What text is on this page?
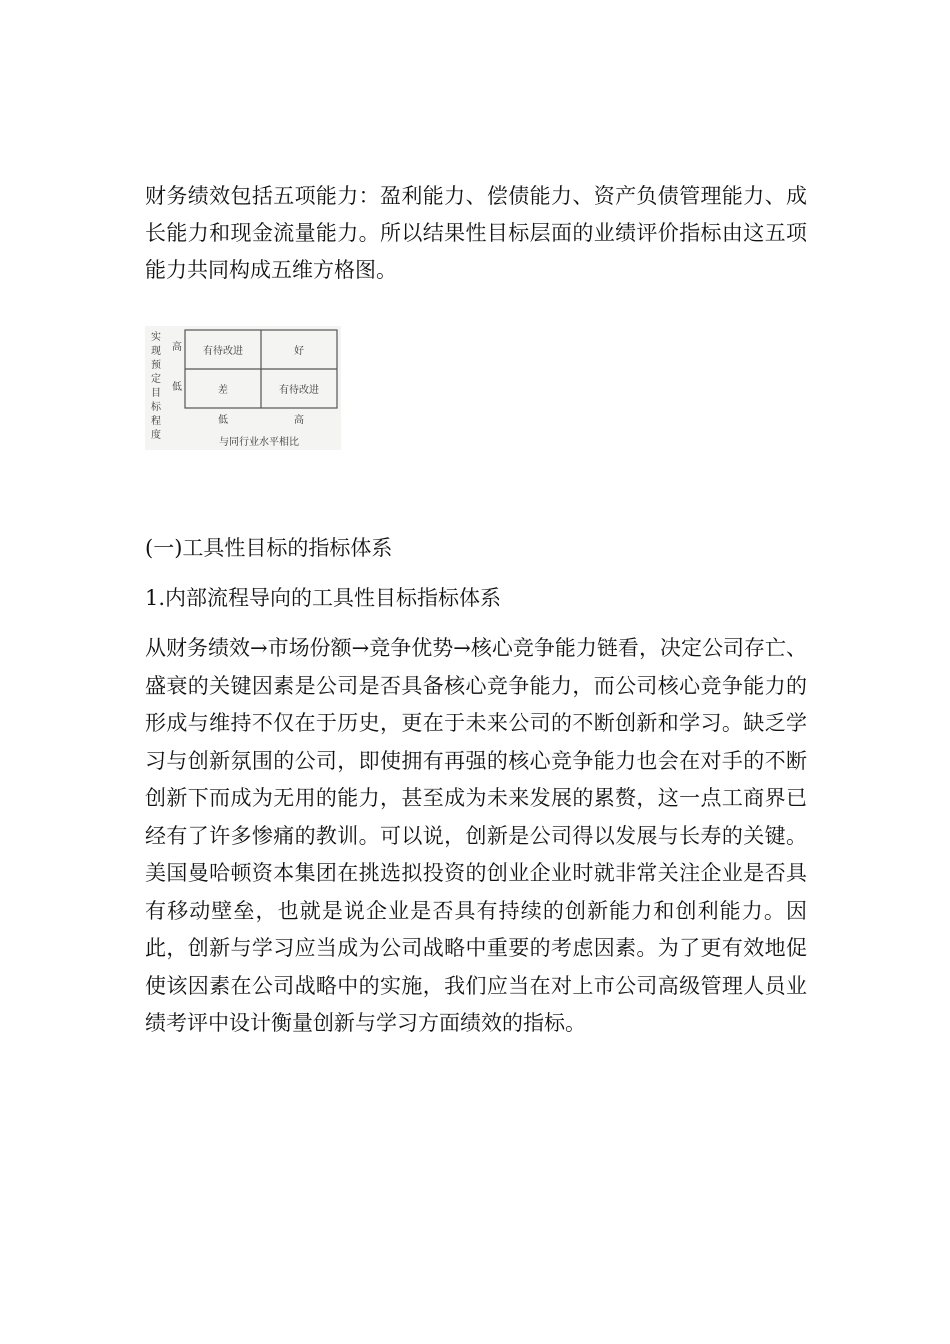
财务绩效包括五项能力：盈利能力、偿债能力、资产负债管理能力、成长能力和现金流量能力。所以结果性目标层面的业绩评价指标由这五项能力共同构成五维方格图。

实
现
预
定
目
标
程
度
高
低
有待改进	好
差	有待改进
低	高
与同行业水平相比

(一)工具性目标的指标体系

1.内部流程导向的工具性目标指标体系

从财务绩效→市场份额→竞争优势→核心竞争能力链看，决定公司存亡、盛衰的关键因素是公司是否具备核心竞争能力，而公司核心竞争能力的形成与维持不仅在于历史，更在于未来公司的不断创新和学习。缺乏学习与创新氛围的公司，即使拥有再强的核心竞争能力也会在对手的不断创新下而成为无用的能力，甚至成为未来发展的累赘，这一点工商界已经有了许多惨痛的教训。可以说，创新是公司得以发展与长寿的关键。美国曼哈顿资本集团在挑选拟投资的创业企业时就非常关注企业是否具有移动壁垒，也就是说企业是否具有持续的创新能力和创利能力。因此，创新与学习应当成为公司战略中重要的考虑因素。为了更有效地促使该因素在公司战略中的实施，我们应当在对上市公司高级管理人员业绩考评中设计衡量创新与学习方面绩效的指标。
